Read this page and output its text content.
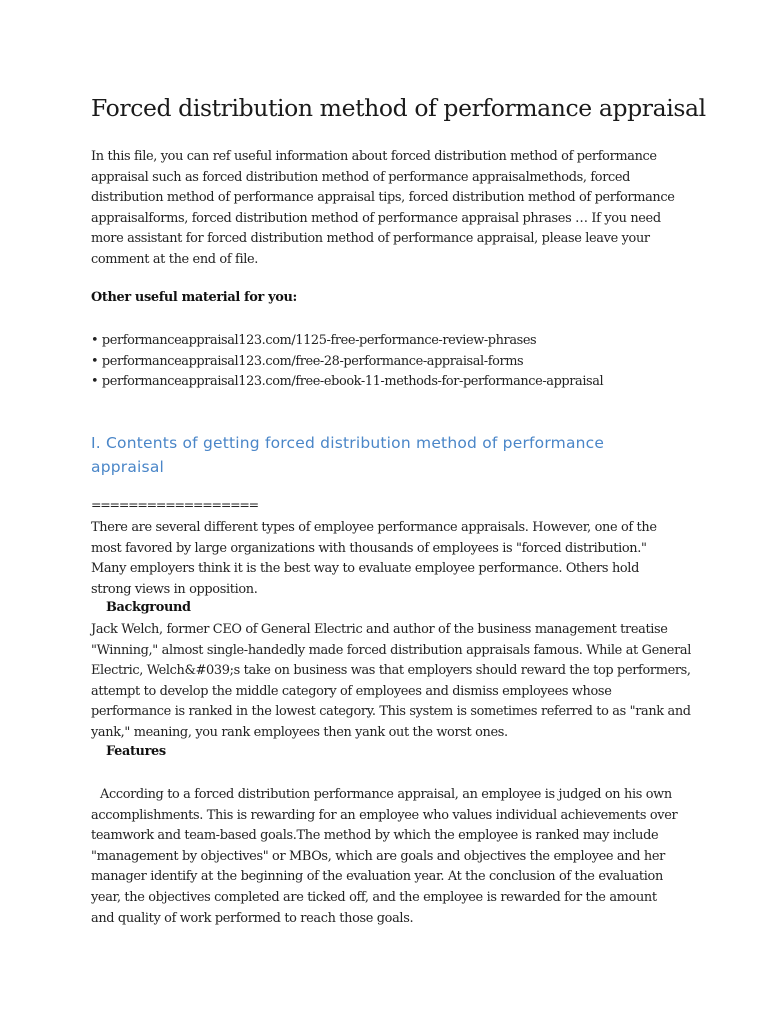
Forced distribution method of performance appraisal

In this file, you can ref useful information about forced distribution method of performance appraisal such as forced distribution method of performance appraisalmethods, forced distribution method of performance appraisal tips, forced distribution method of performance appraisalforms, forced distribution method of performance appraisal phrases … If you need more assistant for forced distribution method of performance appraisal, please leave your comment at the end of file.

Other useful material for you:

• performanceappraisal123.com/1125-free-performance-review-phrases
• performanceappraisal123.com/free-28-performance-appraisal-forms
• performanceappraisal123.com/free-ebook-11-methods-for-performance-appraisal
I. Contents of getting forced distribution method of performance appraisal

==================

There are several different types of employee performance appraisals. However, one of the most favored by large organizations with thousands of employees is "forced distribution." Many employers think it is the best way to evaluate employee performance. Others hold strong views in opposition.

Background

Jack Welch, former CEO of General Electric and author of the business management treatise "Winning," almost single-handedly made forced distribution appraisals famous. While at General Electric, Welch&#039;s take on business was that employers should reward the top performers, attempt to develop the middle category of employees and dismiss employees whose performance is ranked in the lowest category. This system is sometimes referred to as "rank and yank," meaning, you rank employees then yank out the worst ones.

Features

According to a forced distribution performance appraisal, an employee is judged on his own accomplishments. This is rewarding for an employee who values individual achievements over teamwork and team-based goals.The method by which the employee is ranked may include "management by objectives" or MBOs, which are goals and objectives the employee and her manager identify at the beginning of the evaluation year. At the conclusion of the evaluation year, the objectives completed are ticked off, and the employee is rewarded for the amount and quality of work performed to reach those goals.
